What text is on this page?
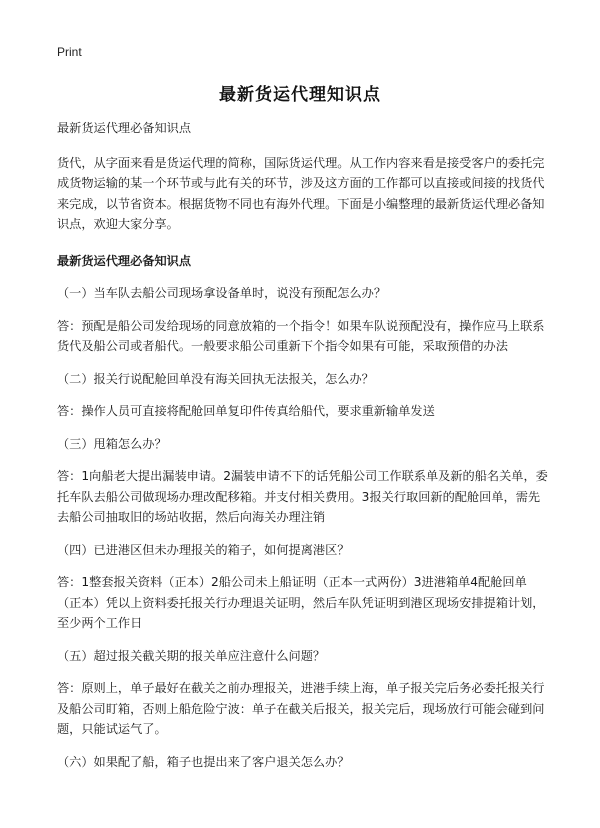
Print
最新货运代理知识点

最新货运代理必备知识点

货代，从字面来看是货运代理的简称，国际货运代理。从工作内容来看是接受客户的委托完成货物运输的某一个环节或与此有关的环节，涉及这方面的工作都可以直接或间接的找货代来完成，以节省资本。根据货物不同也有海外代理。下面是小编整理的最新货运代理必备知识点，欢迎大家分享。

最新货运代理必备知识点

（一）当车队去船公司现场拿设备单时，说没有预配怎么办？

答：预配是船公司发给现场的同意放箱的一个指令！如果车队说预配没有，操作应马上联系货代及船公司或者船代。一般要求船公司重新下个指令如果有可能，采取预借的办法

（二）报关行说配舱回单没有海关回执无法报关，怎么办？

答：操作人员可直接将配舱回单复印件传真给船代，要求重新输单发送

（三）甩箱怎么办？

答：1向船老大提出漏装申请。2漏装申请不下的话凭船公司工作联系单及新的船名关单，委托车队去船公司做现场办理改配移箱。并支付相关费用。3报关行取回新的配舱回单，需先去船公司抽取旧的场站收据，然后向海关办理注销

（四）已进港区但未办理报关的箱子，如何提离港区？

答：1整套报关资料（正本）2船公司未上船证明（正本一式两份）3进港箱单4配舱回单（正本）凭以上资料委托报关行办理退关证明，然后车队凭证明到港区现场安排提箱计划，至少两个工作日

（五）超过报关截关期的报关单应注意什么问题？

答：原则上，单子最好在截关之前办理报关，进港手续上海，单子报关完后务必委托报关行及船公司盯箱，否则上船危险宁波：单子在截关后报关，报关完后，现场放行可能会碰到问题，只能试运气了。

（六）如果配了船，箱子也提出来了客户退关怎么办？
